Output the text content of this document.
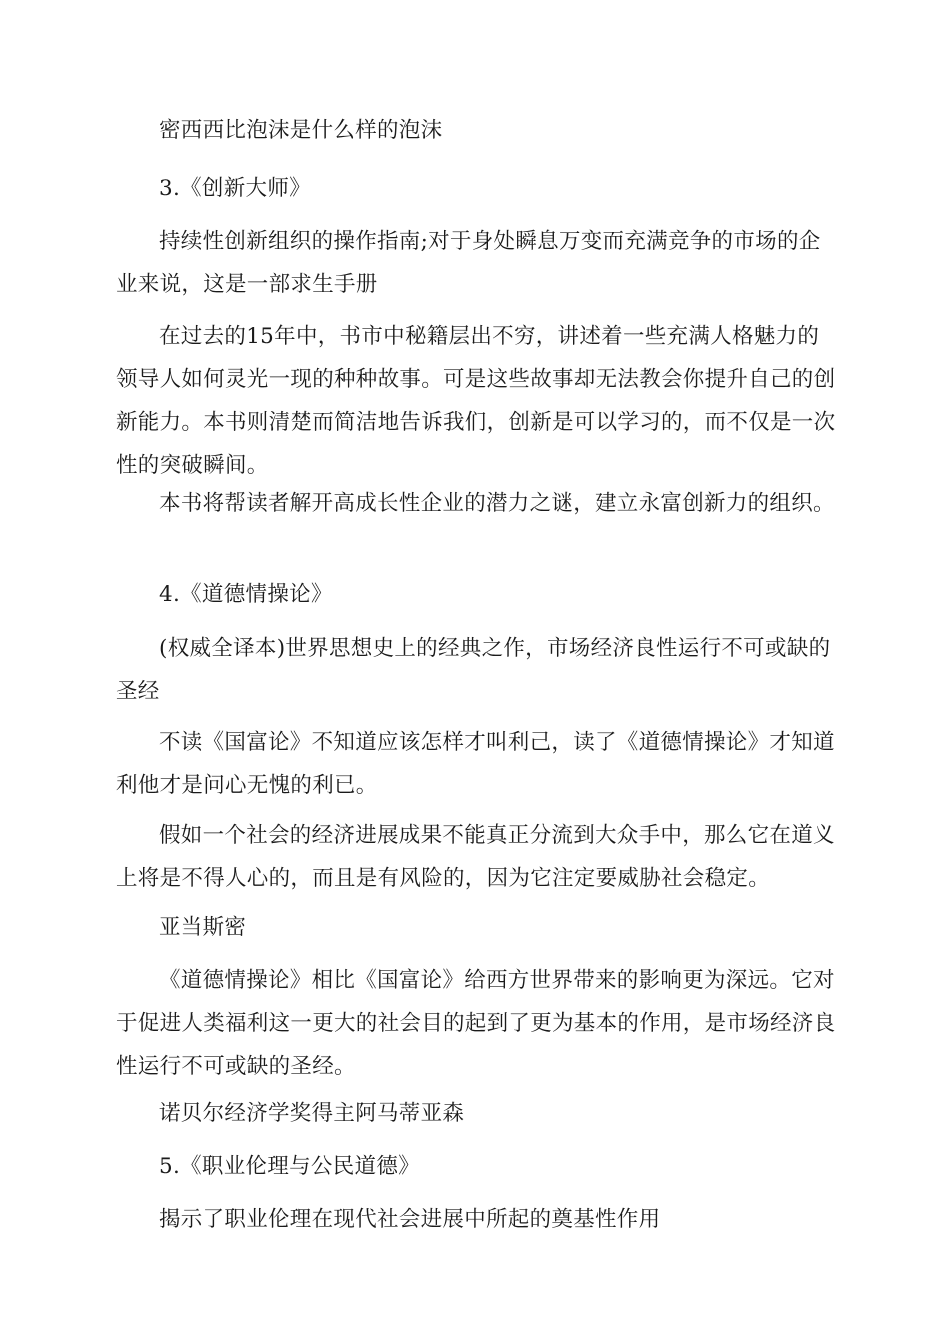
密西西比泡沫是什么样的泡沫

3.《创新大师》

持续性创新组织的操作指南;对于身处瞬息万变而充满竞争的市场的企业来说，这是一部求生手册

在过去的15年中，书市中秘籍层出不穷，讲述着一些充满人格魅力的领导人如何灵光一现的种种故事。可是这些故事却无法教会你提升自己的创新能力。本书则清楚而简洁地告诉我们，创新是可以学习的，而不仅是一次性的突破瞬间。

本书将帮读者解开高成长性企业的潜力之谜，建立永富创新力的组织。

4.《道德情操论》

(权威全译本)世界思想史上的经典之作，市场经济良性运行不可或缺的圣经

不读《国富论》不知道应该怎样才叫利己，读了《道德情操论》才知道利他才是问心无愧的利已。

假如一个社会的经济进展成果不能真正分流到大众手中，那么它在道义上将是不得人心的，而且是有风险的，因为它注定要威胁社会稳定。

亚当斯密

《道德情操论》相比《国富论》给西方世界带来的影响更为深远。它对于促进人类福利这一更大的社会目的起到了更为基本的作用，是市场经济良性运行不可或缺的圣经。

诺贝尔经济学奖得主阿马蒂亚森

5.《职业伦理与公民道德》

揭示了职业伦理在现代社会进展中所起的奠基性作用
